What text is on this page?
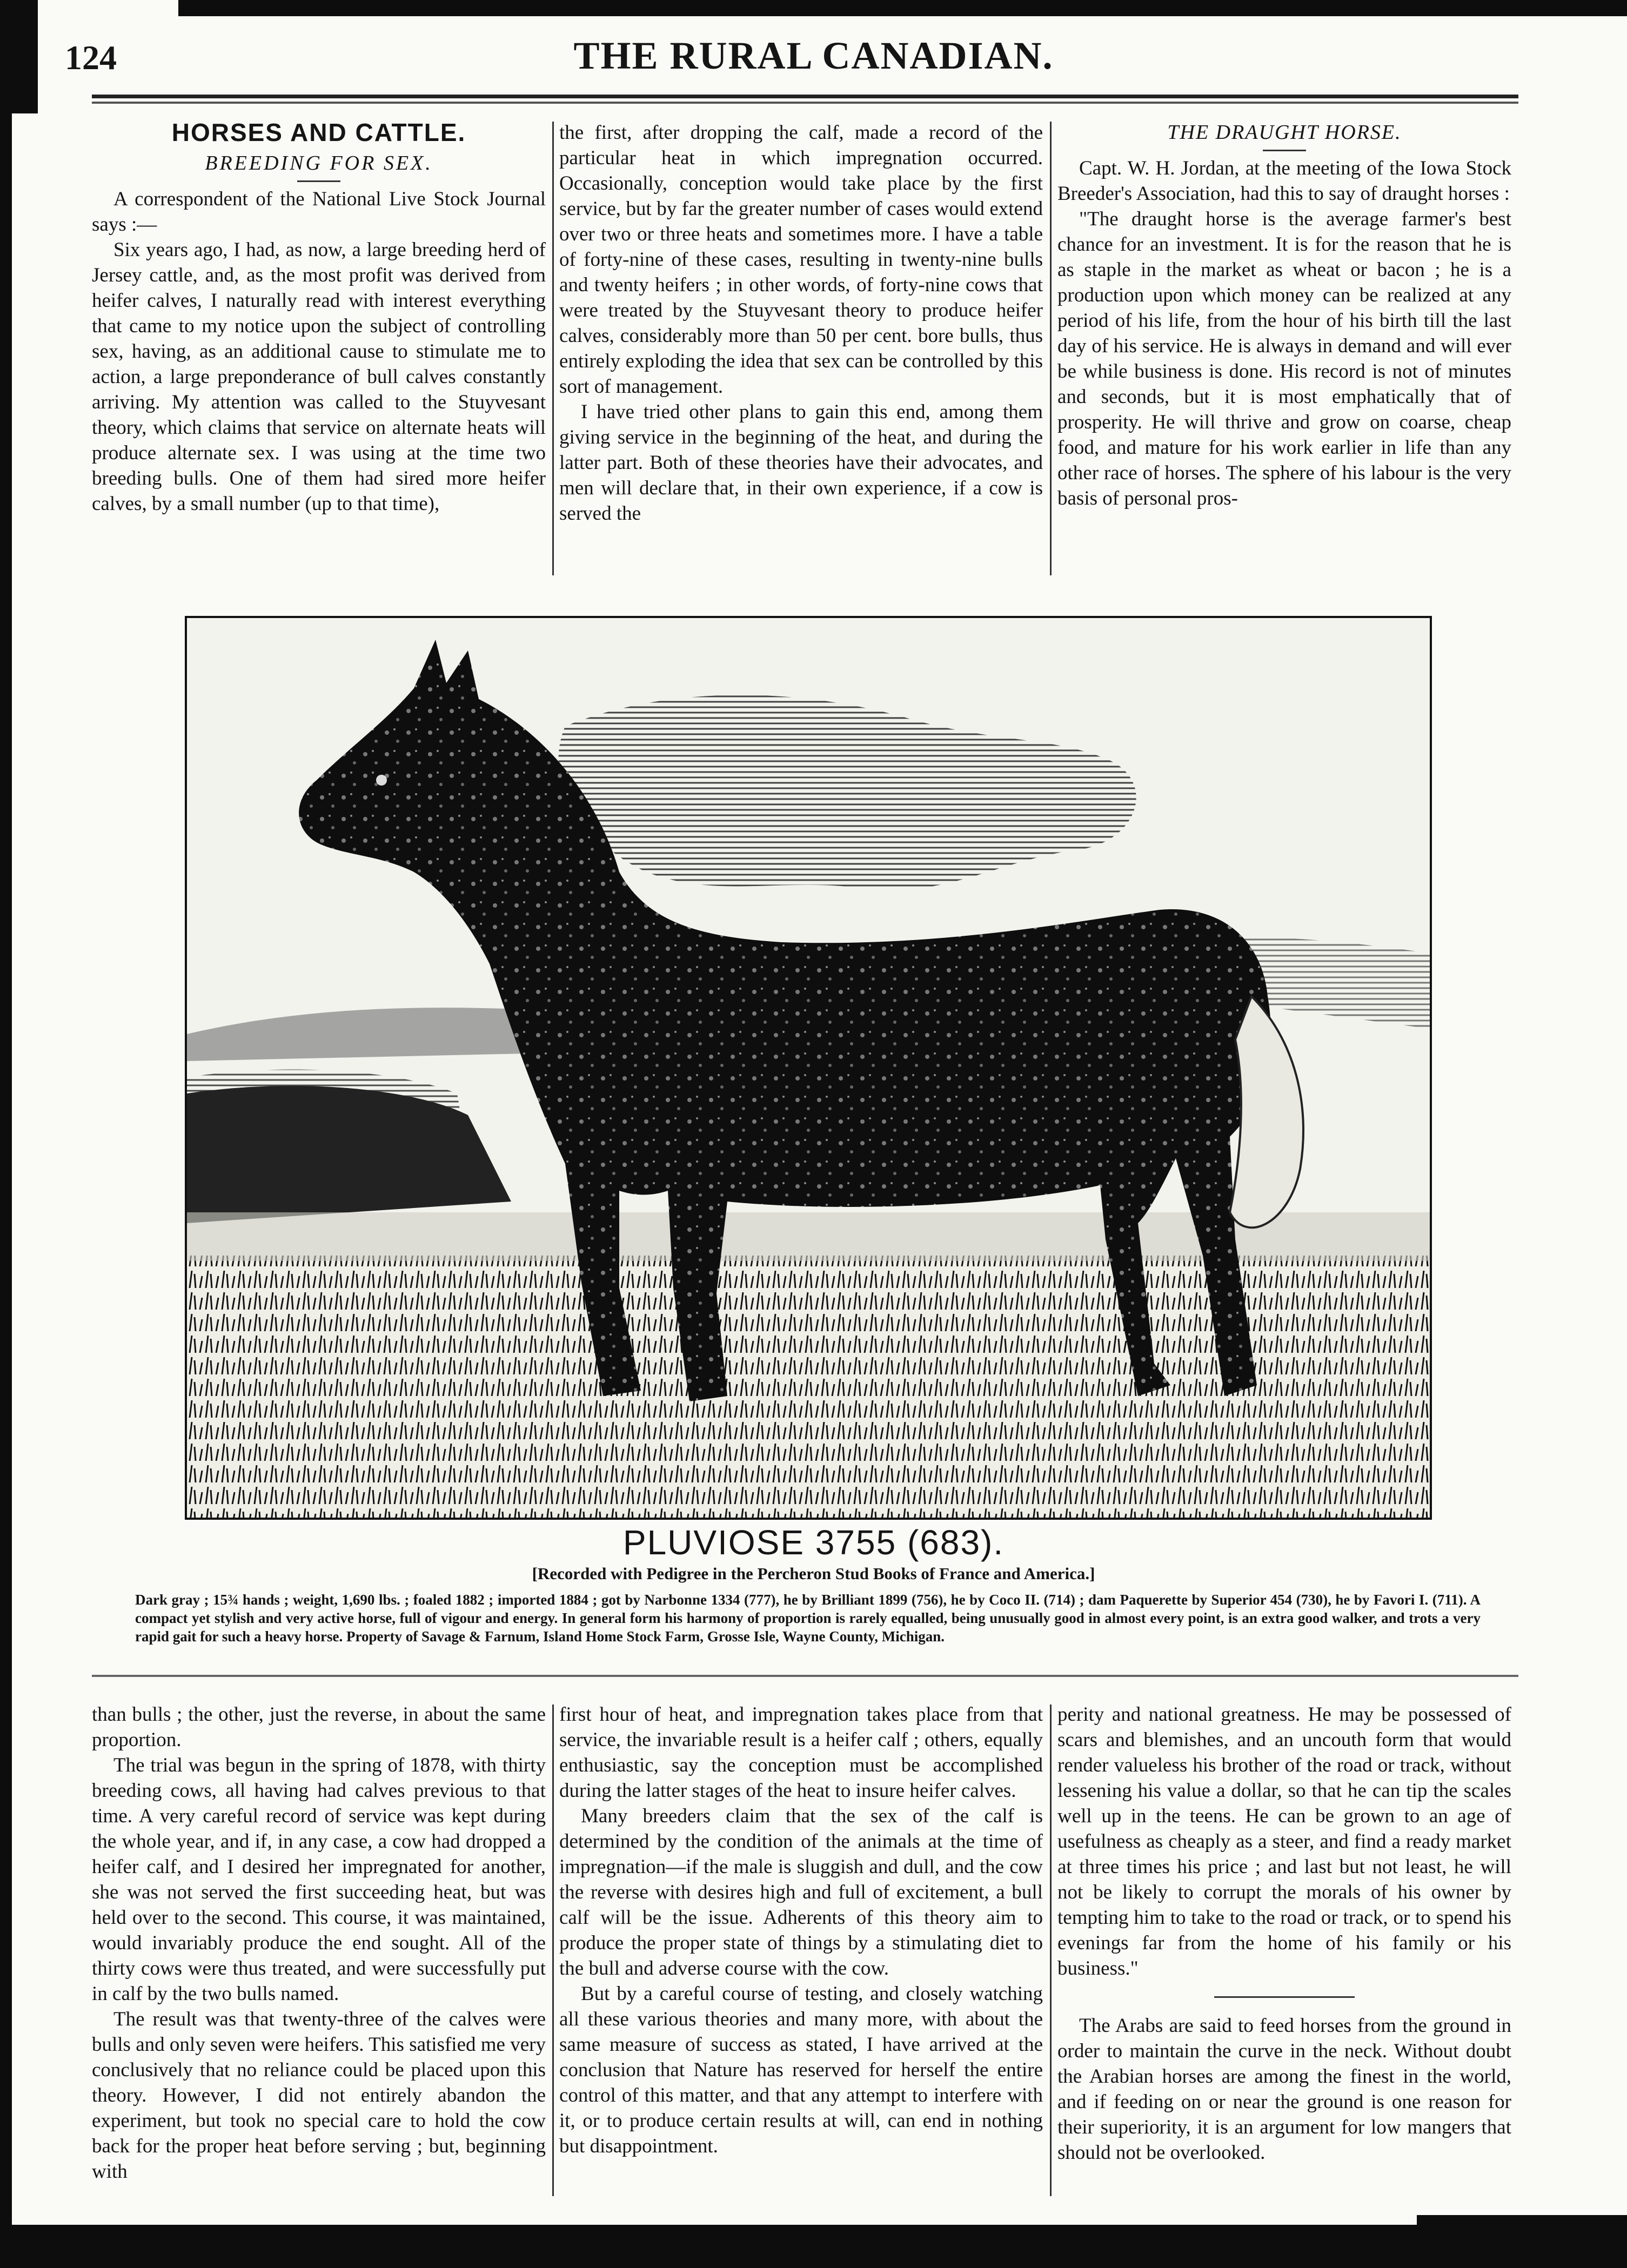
124	THE RURAL CANADIAN.
HORSES AND CATTLE.
BREEDING FOR SEX.

A correspondent of the National Live Stock Journal says :—

Six years ago, I had, as now, a large breeding herd of Jersey cattle, and, as the most profit was derived from heifer calves, I naturally read with interest everything that came to my notice upon the subject of controlling sex, having, as an additional cause to stimulate me to action, a large preponderance of bull calves constantly arriving. My attention was called to the Stuyvesant theory, which claims that service on alternate heats will produce alternate sex. I was using at the time two breeding bulls. One of them had sired more heifer calves, by a small number (up to that time),

the first, after dropping the calf, made a record of the particular heat in which impregnation occurred. Occasionally, conception would take place by the first service, but by far the greater number of cases would extend over two or three heats and sometimes more. I have a table of forty-nine of these cases, resulting in twenty-nine bulls and twenty heifers ; in other words, of forty-nine cows that were treated by the Stuyvesant theory to produce heifer calves, considerably more than 50 per cent. bore bulls, thus entirely exploding the idea that sex can be controlled by this sort of management.

I have tried other plans to gain this end, among them giving service in the beginning of the heat, and during the latter part. Both of these theories have their advocates, and men will declare that, in their own experience, if a cow is served the

THE DRAUGHT HORSE.

Capt. W. H. Jordan, at the meeting of the Iowa Stock Breeder's Association, had this to say of draught horses :

"The draught horse is the average farmer's best chance for an investment. It is for the reason that he is as staple in the market as wheat or bacon ; he is a production upon which money can be realized at any period of his life, from the hour of his birth till the last day of his service. He is always in demand and will ever be while business is done. His record is not of minutes and seconds, but it is most emphatically that of prosperity. He will thrive and grow on coarse, cheap food, and mature for his work earlier in life than any other race of horses. The sphere of his labour is the very basis of personal pros-

PLUVIOSE 3755 (683).
[Recorded with Pedigree in the Percheron Stud Books of France and America.]

Dark gray ; 15¾ hands ; weight, 1,690 lbs. ; foaled 1882 ; imported 1884 ; got by Narbonne 1334 (777), he by Brilliant 1899 (756), he by Coco II. (714) ; dam Paquerette by Superior 454 (730), he by Favori I. (711). A compact yet stylish and very active horse, full of vigour and energy. In general form his harmony of proportion is rarely equalled, being unusually good in almost every point, is an extra good walker, and trots a very rapid gait for such a heavy horse. Property of Savage & Farnum, Island Home Stock Farm, Grosse Isle, Wayne County, Michigan.

than bulls ; the other, just the reverse, in about the same proportion.

The trial was begun in the spring of 1878, with thirty breeding cows, all having had calves previous to that time. A very careful record of service was kept during the whole year, and if, in any case, a cow had dropped a heifer calf, and I desired her impregnated for another, she was not served the first succeeding heat, but was held over to the second. This course, it was maintained, would invariably produce the end sought. All of the thirty cows were thus treated, and were successfully put in calf by the two bulls named.

The result was that twenty-three of the calves were bulls and only seven were heifers. This satisfied me very conclusively that no reliance could be placed upon this theory. However, I did not entirely abandon the experiment, but took no special care to hold the cow back for the proper heat before serving ; but, beginning with

first hour of heat, and impregnation takes place from that service, the invariable result is a heifer calf ; others, equally enthusiastic, say the conception must be accomplished during the latter stages of the heat to insure heifer calves.

Many breeders claim that the sex of the calf is determined by the condition of the animals at the time of impregnation—if the male is sluggish and dull, and the cow the reverse with desires high and full of excitement, a bull calf will be the issue. Adherents of this theory aim to produce the proper state of things by a stimulating diet to the bull and adverse course with the cow.

But by a careful course of testing, and closely watching all these various theories and many more, with about the same measure of success as stated, I have arrived at the conclusion that Nature has reserved for herself the entire control of this matter, and that any attempt to interfere with it, or to produce certain results at will, can end in nothing but disappointment.

perity and national greatness. He may be possessed of scars and blemishes, and an uncouth form that would render valueless his brother of the road or track, without lessening his value a dollar, so that he can tip the scales well up in the teens. He can be grown to an age of usefulness as cheaply as a steer, and find a ready market at three times his price ; and last but not least, he will not be likely to corrupt the morals of his owner by tempting him to take to the road or track, or to spend his evenings far from the home of his family or his business."

The Arabs are said to feed horses from the ground in order to maintain the curve in the neck. Without doubt the Arabian horses are among the finest in the world, and if feeding on or near the ground is one reason for their superiority, it is an argument for low mangers that should not be overlooked.
